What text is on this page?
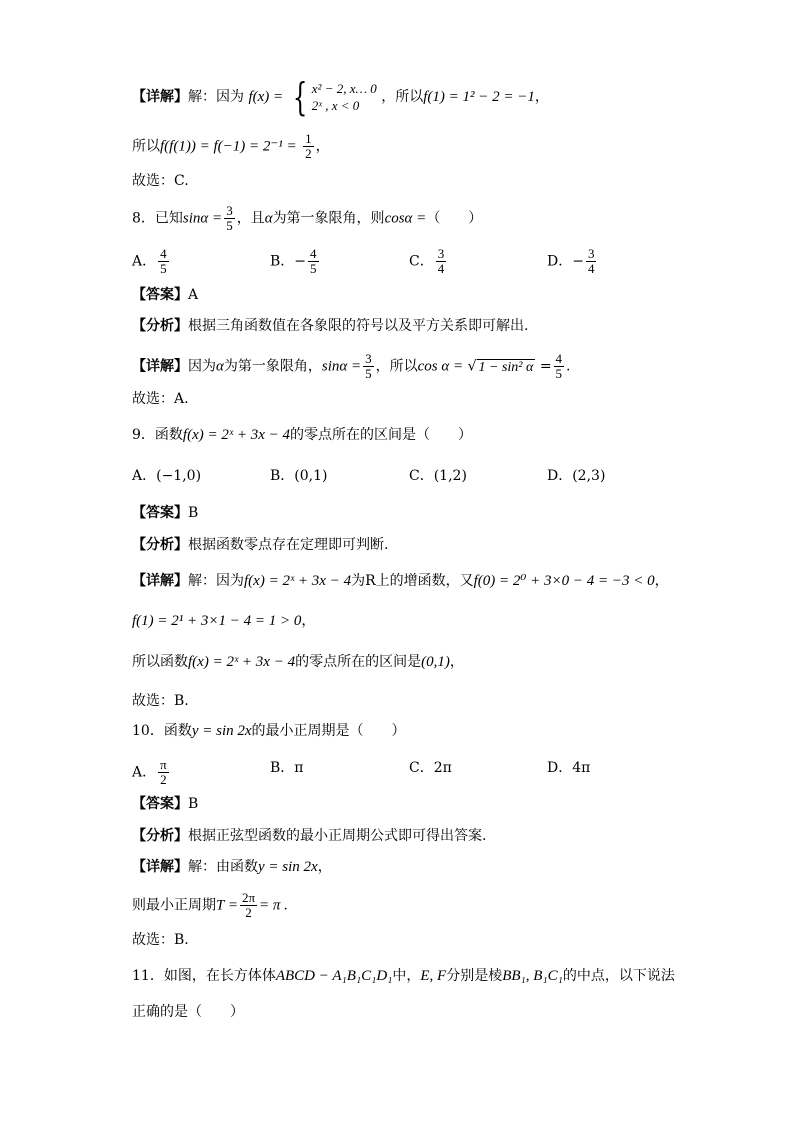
【详解】解：因为 f(x) = { x² − 2, x… 0
2ˣ , x < 0
，所以f(1) = 1² − 2 = −1，
所以$f(f(1)) = f(-1) = 2^{-1} = \frac{1}{2}$ ，
故选：C.
8．已知$\sin\alpha = \frac{3}{5}$ ，且α为第一象限角，则cosα =（　　）
A． $\frac{4}{5}$	B．− $\frac{4}{5}$	C． $\frac{3}{4}$	D．− $\frac{3}{4}$
【答案】A
【分析】根据三角函数值在各象限的符号以及平方关系即可解出.
【详解】因为α为第一象限角，$\sin\alpha = \frac{3}{5}$ ，所以cos α = √ 1 − sin² $\alpha = \frac{4}{5}$ .
故选：A.
9．函数f(x) = 2ˣ + 3x − 4的零点所在的区间是（　　）
A．(−1,0)	B．(0,1)	C．(1,2)	D．(2,3)
【答案】B
【分析】根据函数零点存在定理即可判断.
【详解】解：因为f(x) = 2ˣ + 3x − 4为R上的增函数，又f(0) = 2⁰ + 3×0 − 4 = −3 < 0，
f(1) = 2¹ + 3×1 − 4 = 1 > 0，
所以函数f(x) = 2ˣ + 3x − 4的零点所在的区间是(0,1)，
故选：B.
10．函数y = sin 2x的最小正周期是（　　）
A． $\frac{\pi}{2}$	B．π	C．2π	D．4π
【答案】B
【分析】根据正弦型函数的最小正周期公式即可得出答案.
【详解】解：由函数y = sin 2x，
则最小正周期$T = \frac{2\pi}{2} = \pi$ .
故选：B.
11．如图，在长方体体ABCD − A₁B₁C₁D₁中，E, F分别是棱BB₁, B₁C₁的中点，以下说法
正确的是（　　）
